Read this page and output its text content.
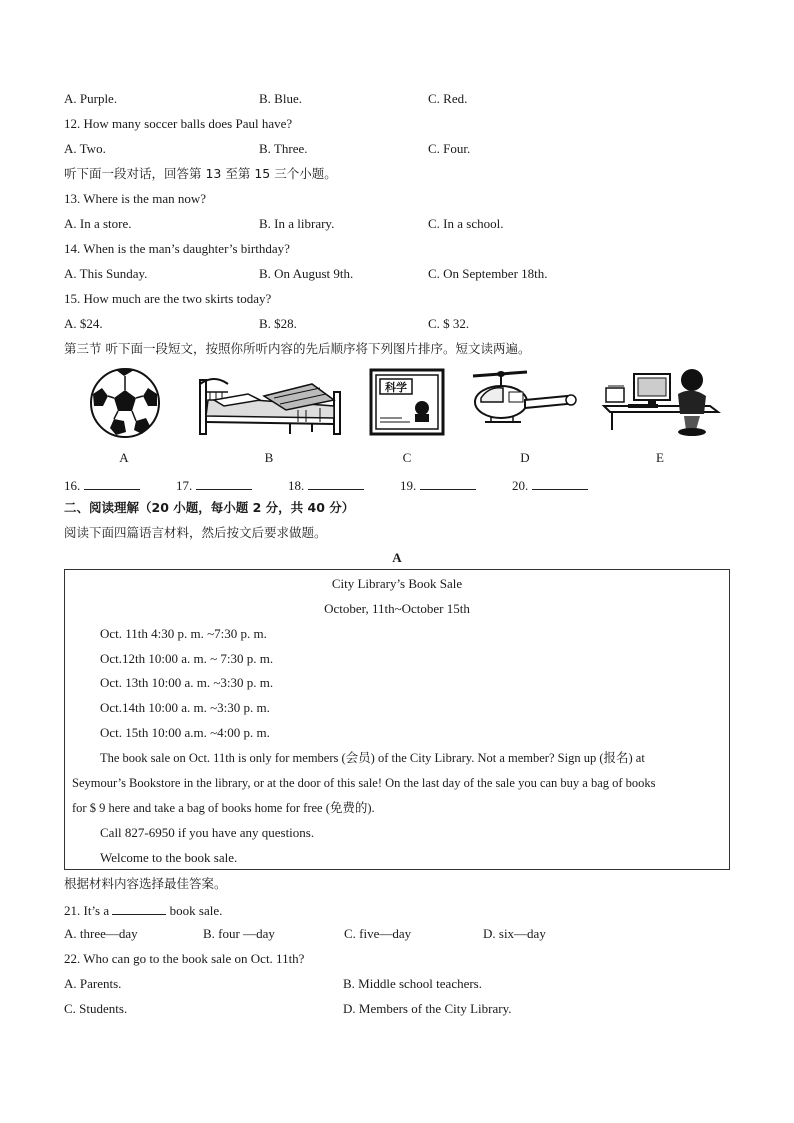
A. Purple.	B. Blue.	C. Red.
12. How many soccer balls does Paul have?
A. Two.	B. Three.	C. Four.
听下面一段对话，回答第 13 至第 15 三个小题。
13. Where is the man now?
A. In a store.	B. In a library.	C. In a school.
14. When is the man’s daughter’s birthday?
A. This Sunday.	B. On August 9th.	C. On September 18th.
15. How much are the two skirts today?
A. $24.	B. $28.	C. $ 32.
第三节 听下面一段短文，按照你所听内容的先后顺序将下列图片排序。短文读两遍。
科学
A	B	C	D	E
16.	17.	18.	19.	20.
二、阅读理解（20 小题，每小题 2 分，共 40 分）
阅读下面四篇语言材料，然后按文后要求做题。
A
City Library’s Book Sale
October, 11th~October 15th
Oct. 11th 4:30 p. m. ~7:30 p. m.
Oct.12th 10:00 a. m. ~ 7:30 p. m.
Oct. 13th 10:00 a. m. ~3:30 p. m.
Oct.14th 10:00 a. m. ~3:30 p. m.
Oct. 15th 10:00 a.m. ~4:00 p. m.
The book sale on Oct. 11th is only for members (会员) of the City Library. Not a member? Sign up (报名) at
Seymour’s Bookstore in the library, or at the door of this sale! On the last day of the sale you can buy a bag of books
for $ 9 here and take a bag of books home for free (免费的).
Call 827-6950 if you have any questions.
Welcome to the book sale.
根据材料内容选择最佳答案。
21. It’s a	book sale.
A. three—day	B. four —day	C. five—day	D. six—day
22. Who can go to the book sale on Oct. 11th?
A. Parents.	B. Middle school teachers.
C. Students.	D. Members of the City Library.
